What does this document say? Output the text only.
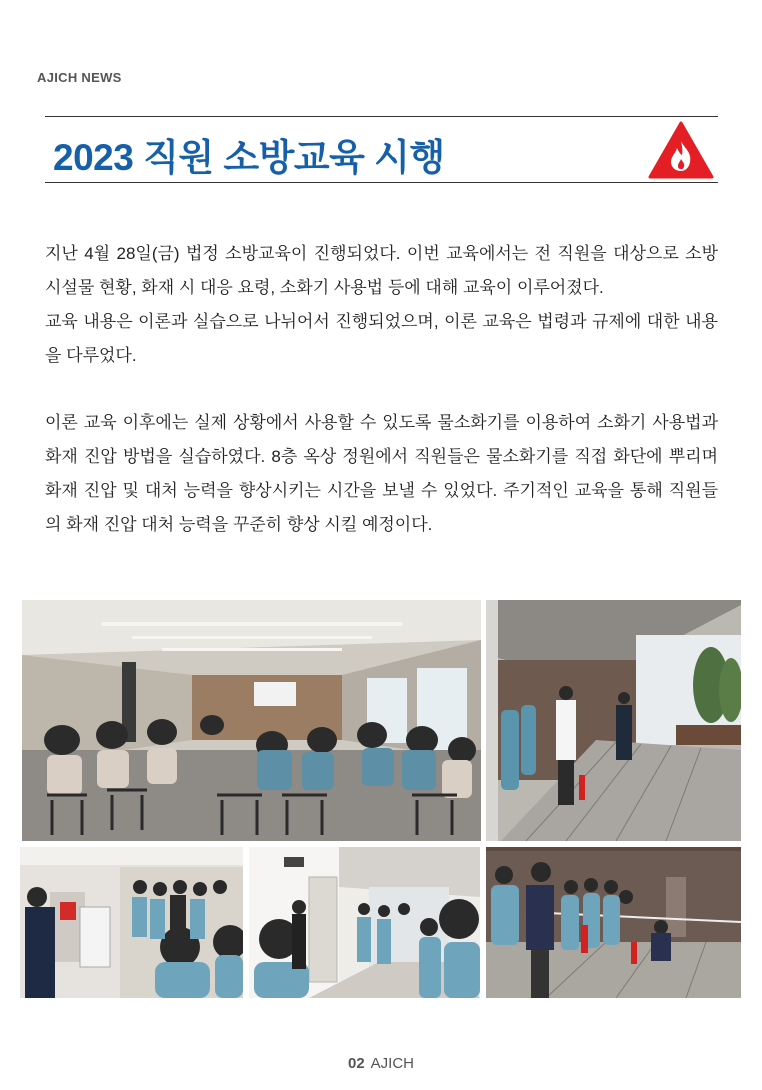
AJICH NEWS
2023 직원 소방교육 시행

지난 4월 28일(금) 법정 소방교육이 진행되었다. 이번 교육에서는 전 직원을 대상으로 소방 시설물 현황, 화재 시 대응 요령, 소화기 사용법 등에 대해 교육이 이루어졌다.

교육 내용은 이론과 실습으로 나뉘어서 진행되었으며, 이론 교육은 법령과 규제에 대한 내용을 다루었다.

이론 교육 이후에는 실제 상황에서 사용할 수 있도록 물소화기를 이용하여 소화기 사용법과 화재 진압 방법을 실습하였다. 8층 옥상 정원에서 직원들은 물소화기를 직접 화단에 뿌리며 화재 진압 및 대처 능력을 향상시키는 시간을 보낼 수 있었다. 주기적인 교육을 통해 직원들의 화재 진압 대처 능력을 꾸준히 향상 시킬 예정이다.

02 AJICH
